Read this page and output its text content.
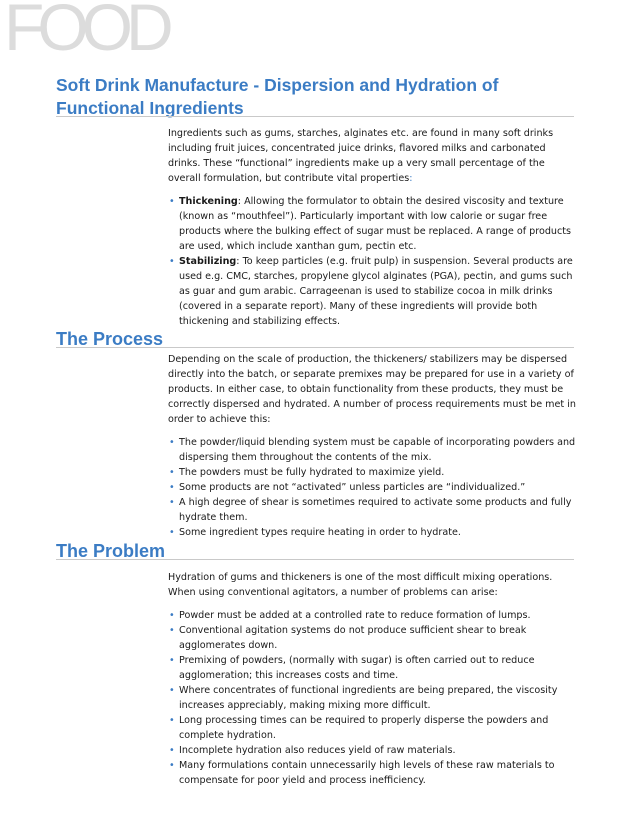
FOOD
Soft Drink Manufacture - Dispersion and Hydration of Functional Ingredients

Ingredients such as gums, starches, alginates etc. are found in many soft drinks including fruit juices, concentrated juice drinks, flavored milks and carbonated drinks. These “functional” ingredients make up a very small percentage of the overall formulation, but contribute vital properties:

• Thickening: Allowing the formulator to obtain the desired viscosity and texture (known as “mouthfeel”). Particularly important with low calorie or sugar free products where the bulking effect of sugar must be replaced. A range of products are used, which include xanthan gum, pectin etc.
• Stabilizing: To keep particles (e.g. fruit pulp) in suspension. Several products are used e.g. CMC, starches, propylene glycol alginates (PGA), pectin, and gums such as guar and gum arabic. Carrageenan is used to stabilize cocoa in milk drinks (covered in a separate report). Many of these ingredients will provide both thickening and stabilizing effects.
The Process

Depending on the scale of production, the thickeners/ stabilizers may be dispersed directly into the batch, or separate premixes may be prepared for use in a variety of products. In either case, to obtain functionality from these products, they must be correctly dispersed and hydrated. A number of process requirements must be met in order to achieve this:

• The powder/liquid blending system must be capable of incorporating powders and dispersing them throughout the contents of the mix.
• The powders must be fully hydrated to maximize yield.
• Some products are not “activated” unless particles are “individualized.”
• A high degree of shear is sometimes required to activate some products and fully hydrate them.
• Some ingredient types require heating in order to hydrate.
The Problem

Hydration of gums and thickeners is one of the most difficult mixing operations. When using conventional agitators, a number of problems can arise:

• Powder must be added at a controlled rate to reduce formation of lumps.
• Conventional agitation systems do not produce sufficient shear to break agglomerates down.
• Premixing of powders, (normally with sugar) is often carried out to reduce agglomeration; this increases costs and time.
• Where concentrates of functional ingredients are being prepared, the viscosity increases appreciably, making mixing more difficult.
• Long processing times can be required to properly disperse the powders and complete hydration.
• Incomplete hydration also reduces yield of raw materials.
• Many formulations contain unnecessarily high levels of these raw materials to compensate for poor yield and process inefficiency.
